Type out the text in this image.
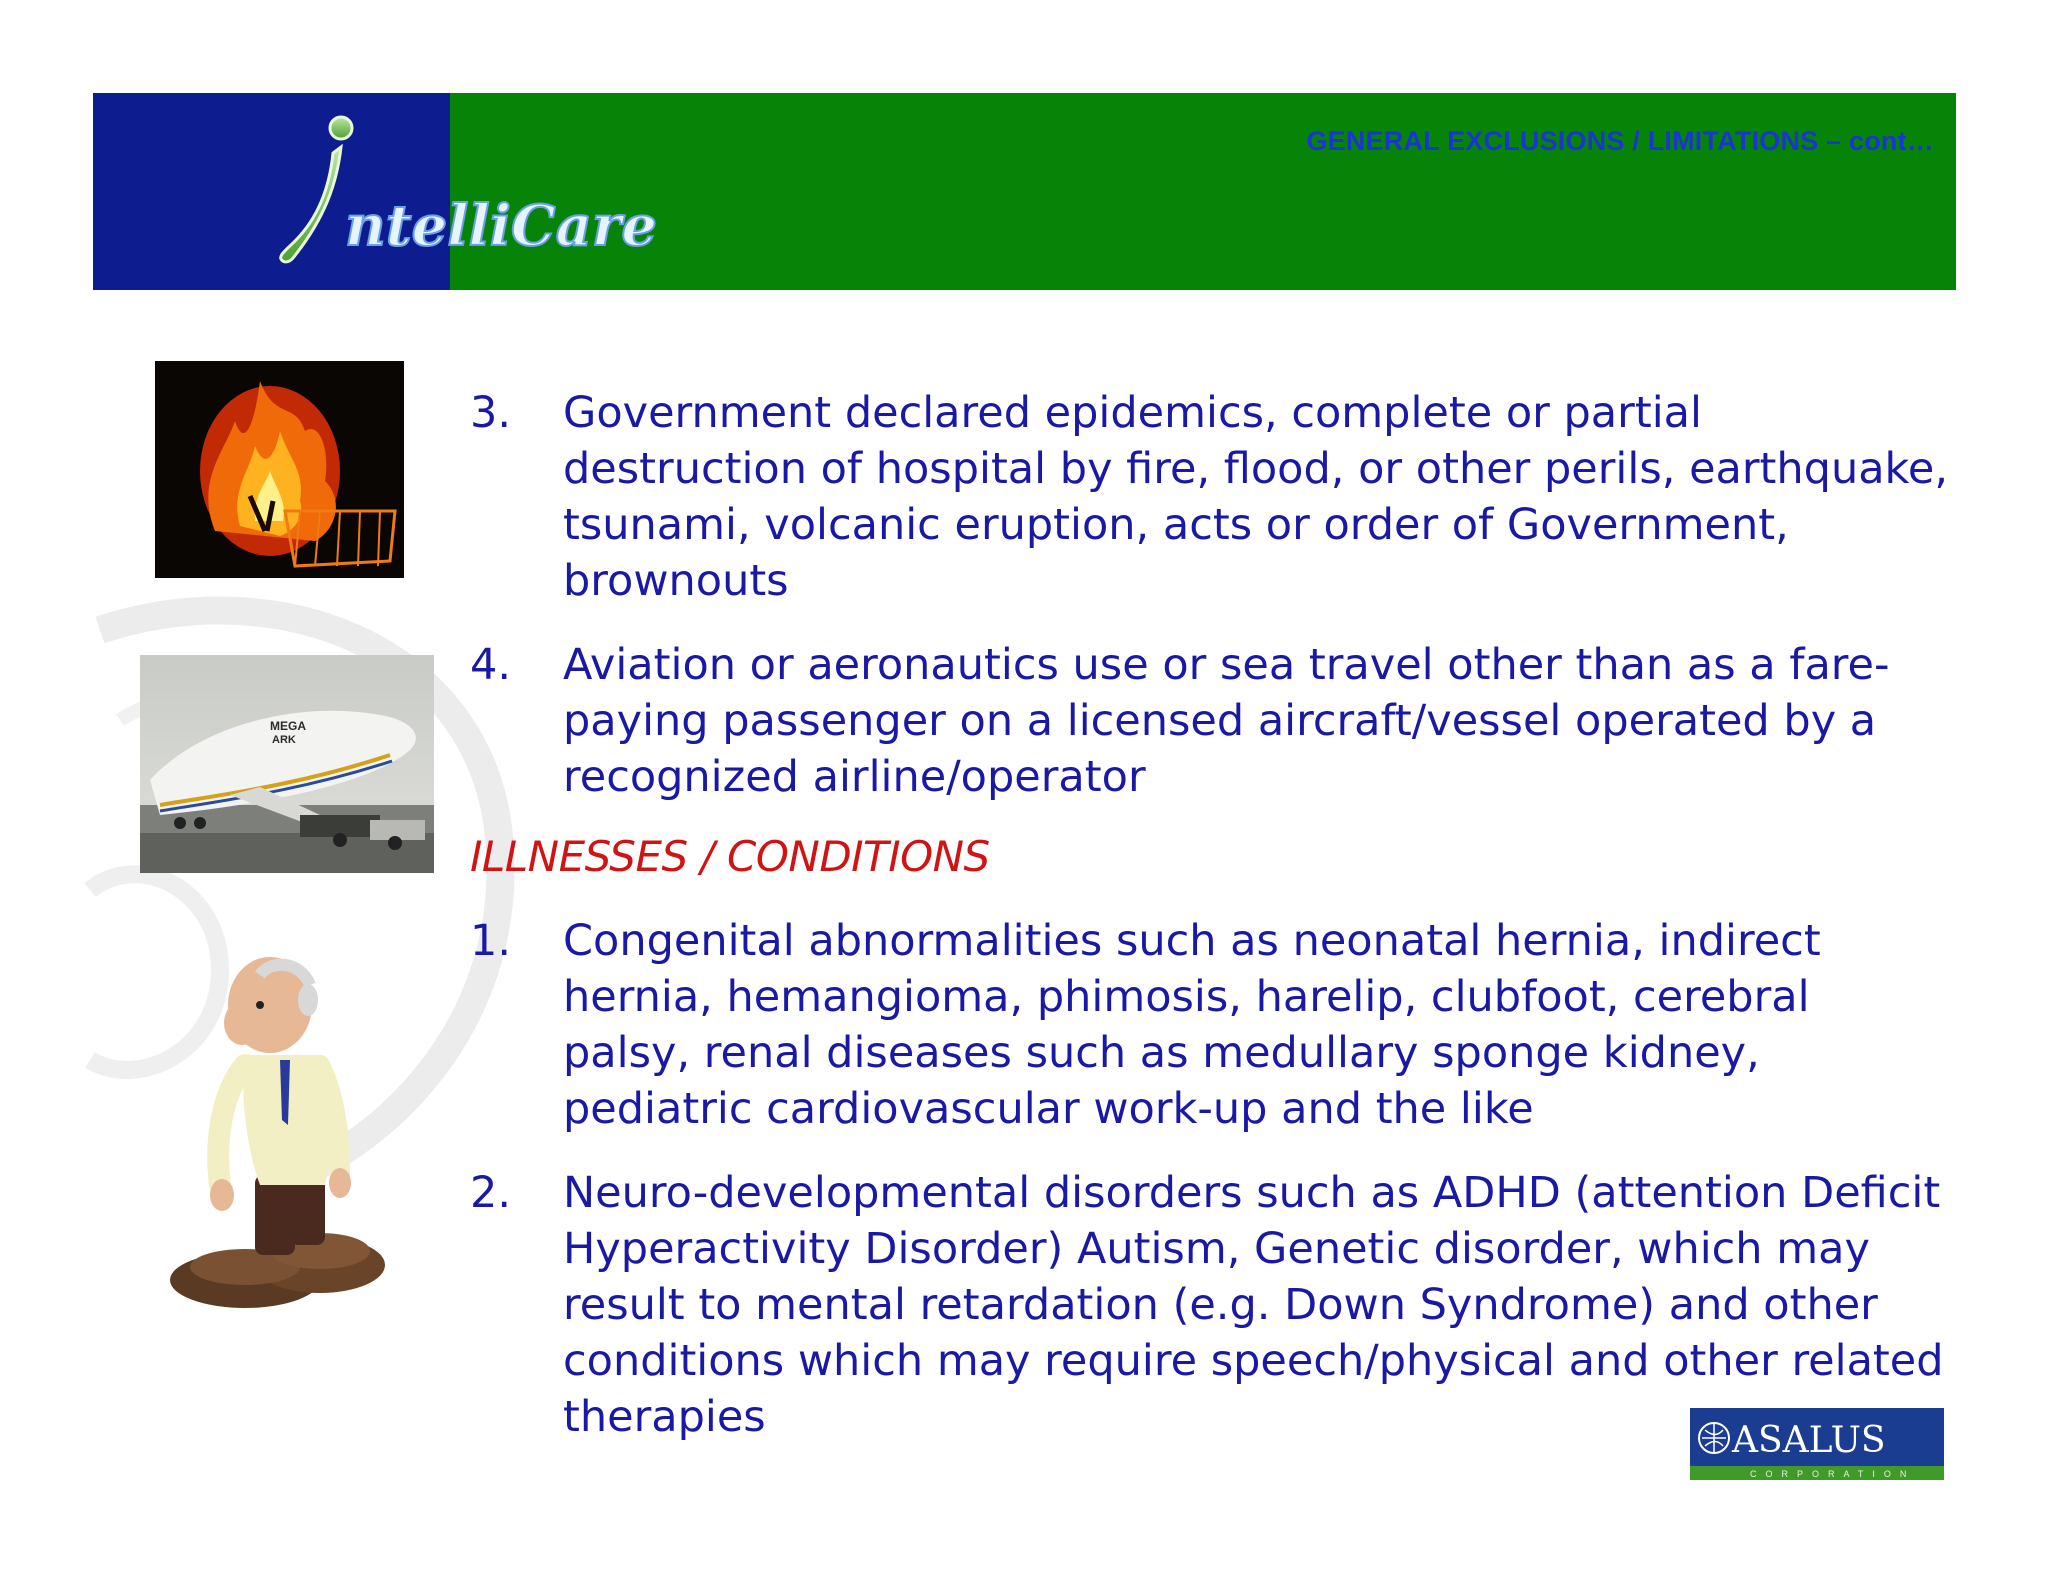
ntelliCare
GENERAL EXCLUSIONS / LIMITATIONS – cont…
MEGA
ARK
3. Government declared epidemics, complete or partial destruction of hospital by fire, flood, or other perils, earthquake, tsunami, volcanic eruption, acts or order of Government, brownouts
4. Aviation or aeronautics use or sea travel other than as a fare-paying passenger on a licensed aircraft/vessel operated by a recognized airline/operator
ILLNESSES / CONDITIONS
1. Congenital abnormalities such as neonatal hernia, indirect hernia, hemangioma, phimosis, harelip, clubfoot, cerebral palsy, renal diseases such as medullary sponge kidney, pediatric cardiovascular work-up and the like
2. Neuro-developmental disorders such as ADHD (attention Deficit Hyperactivity Disorder) Autism, Genetic disorder, which may result to mental retardation (e.g. Down Syndrome) and other conditions which may require speech/physical and other related therapies	ASALUS
CORPORATION
